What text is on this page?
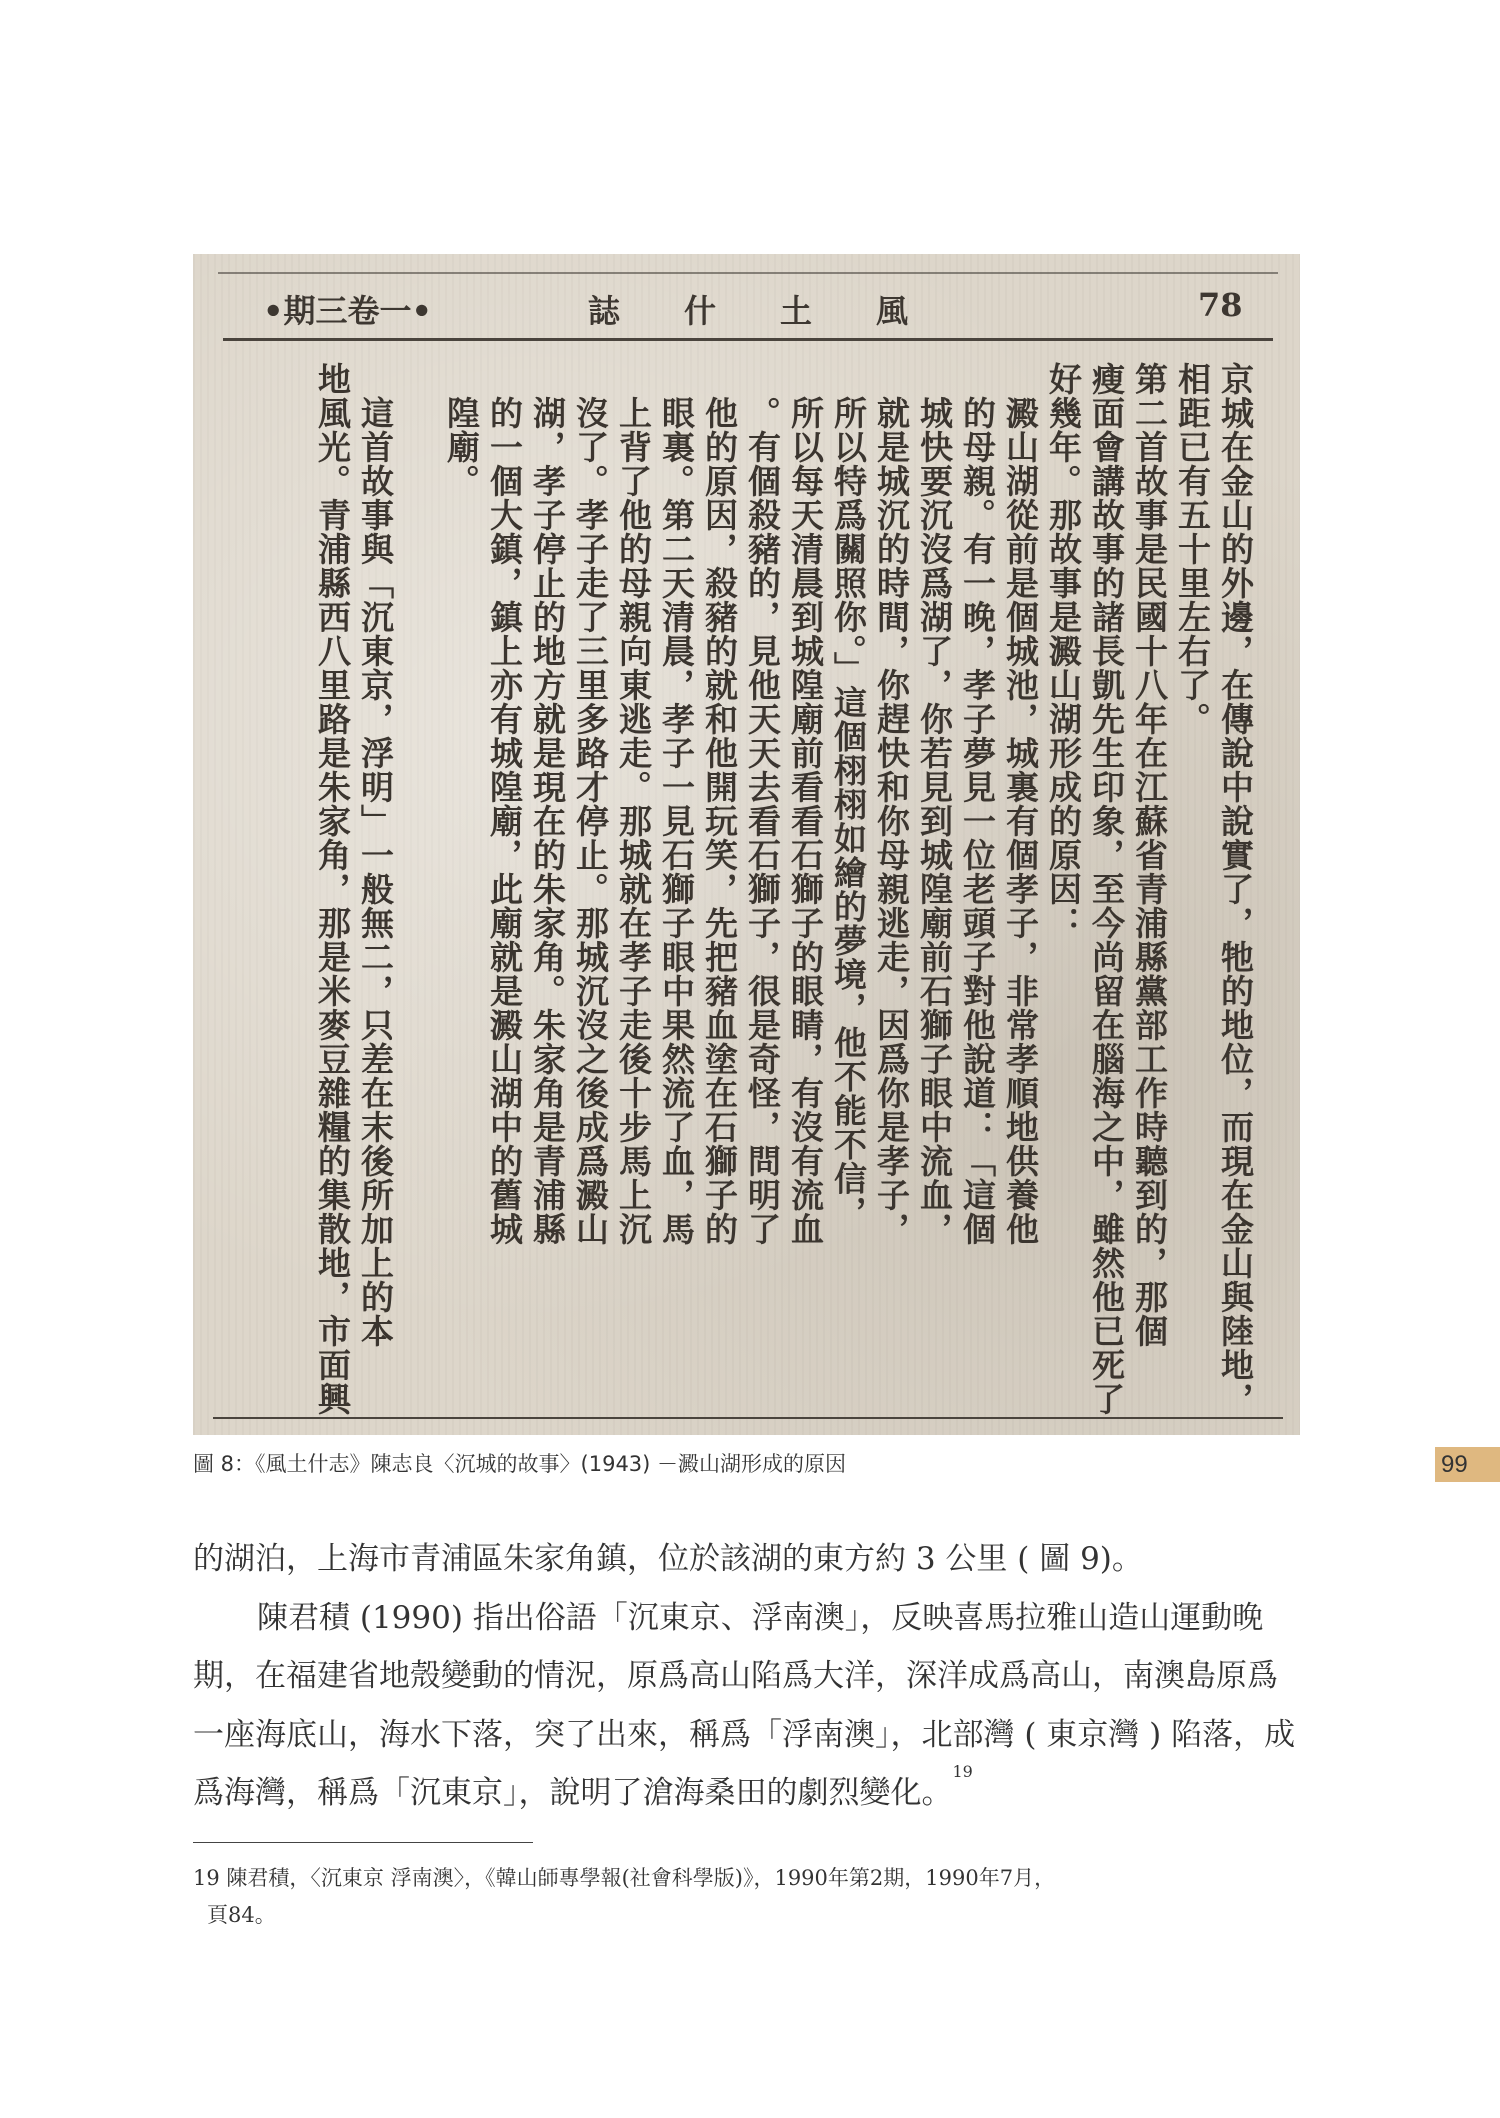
•期三卷一•	誌　　什　　土　　風	78
京城在金山的外邊，在傳說中說實了，牠的地位，而現在金山與陸地，
相距已有五十里左右了。
第二首故事是民國十八年在江蘇省青浦縣黨部工作時聽到的，那個
瘦面會講故事的諸長凱先生印象，至今尚留在腦海之中，雖然他已死了
好幾年。那故事是澱山湖形成的原因：
　澱山湖從前是個城池，城裏有個孝子，非常孝順地供養他
　的母親。有一晚，孝子夢見一位老頭子對他說道：「這個
　城快要沉沒爲湖了，你若見到城隍廟前石獅子眼中流血，
　就是城沉的時間，你趕快和你母親逃走，因爲你是孝子，
　所以特爲關照你。」這個栩栩如繪的夢境，他不能不信，
　所以每天清晨到城隍廟前看看石獅子的眼睛，有沒有流血
　。有個殺豬的，見他天天去看石獅子，很是奇怪，問明了
　他的原因，殺豬的就和他開玩笑，先把豬血塗在石獅子的
　眼裏。第二天清晨，孝子一見石獅子眼中果然流了血，馬
　上背了他的母親向東逃走。那城就在孝子走後十步馬上沉
　沒了。孝子走了三里多路才停止。那城沉沒之後成爲澱山
　湖，孝子停止的地方就是現在的朱家角。朱家角是青浦縣
　的一個大鎮，鎮上亦有城隍廟，此廟就是澱山湖中的舊城
　隍廟。
　這首故事與「沉東京，浮明」一般無二，只差在末後所加上的本
地風光。青浦縣西八里路是朱家角，那是米麥豆雜糧的集散地，市面興
圖 8：《風土什志》陳志良〈沉城的故事〉(1943) －澱山湖形成的原因

的湖泊，上海市青浦區朱家角鎮，位於該湖的東方約 3 公里 ( 圖 9)。

陳君積 (1990) 指出俗語「沉東京、浮南澳」，反映喜馬拉雅山造山運動晚期，在福建省地殼變動的情況，原爲高山陷爲大洋，深洋成爲高山，南澳島原爲一座海底山，海水下落，突了出來，稱爲「浮南澳」，北部灣 ( 東京灣 ) 陷落，成爲海灣，稱爲「沉東京」，說明了滄海桑田的劇烈變化。$^{19}$

19 陳君積，〈沉東京 浮南澳〉，《韓山師專學報(社會科學版)》，1990年第2期，1990年7月，
頁84。
99
